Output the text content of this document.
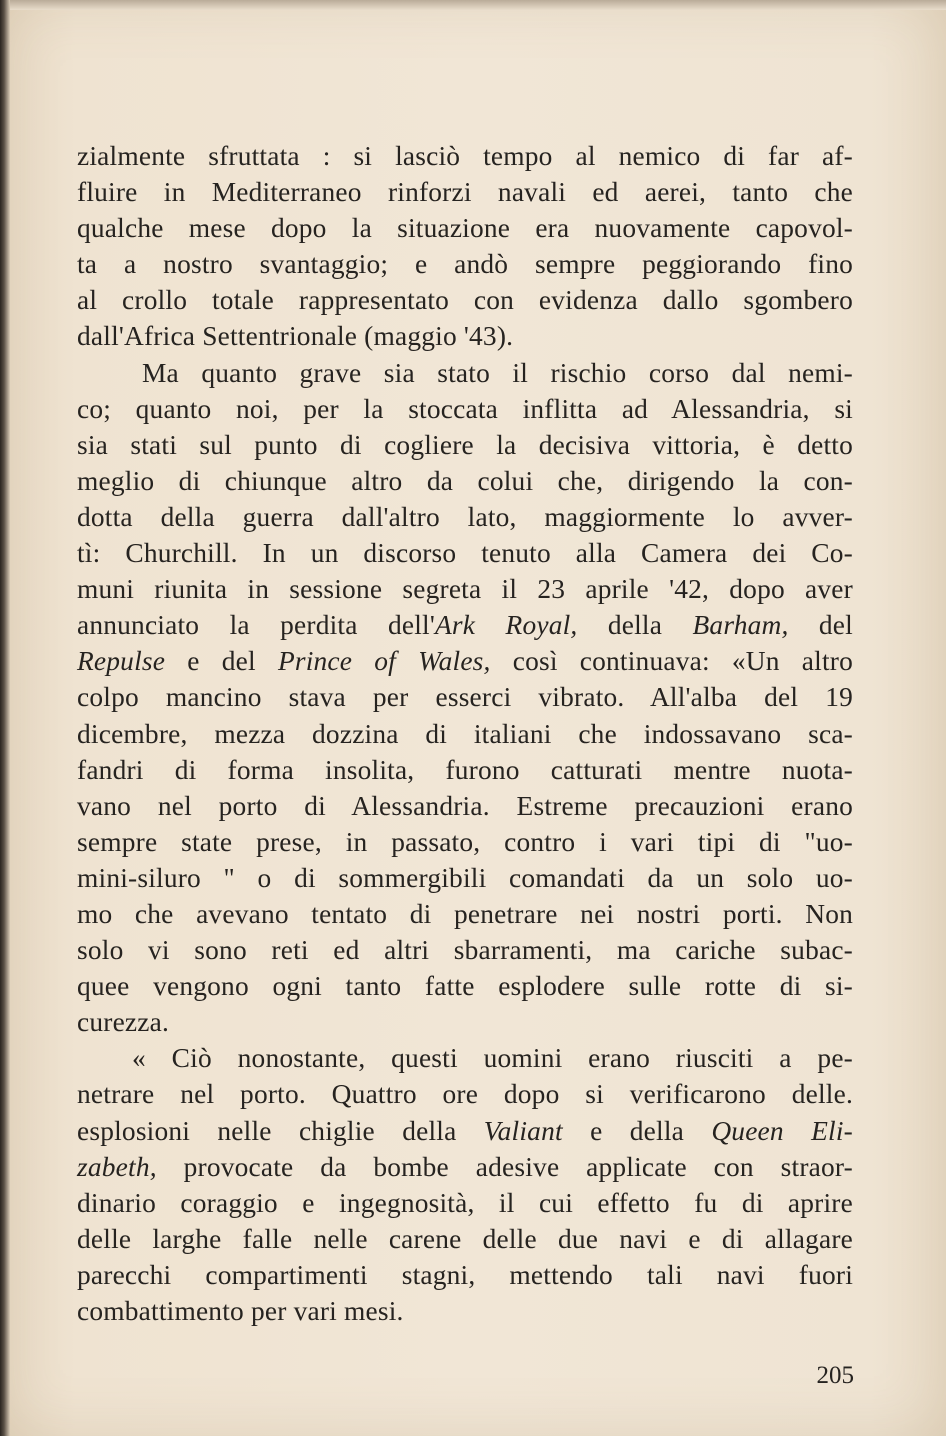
zialmente sfruttata : si lasciò tempo al nemico di far af-
fluire in Mediterraneo rinforzi navali ed aerei, tanto che
qualche mese dopo la situazione era nuovamente capovol-
ta a nostro svantaggio; e andò sempre peggiorando fino
al crollo totale rappresentato con evidenza dallo sgombero
dall'Africa Settentrionale (maggio '43).
Ma quanto grave sia stato il rischio corso dal nemi-
co; quanto noi, per la stoccata inflitta ad Alessandria, si
sia stati sul punto di cogliere la decisiva vittoria, è detto
meglio di chiunque altro da colui che, dirigendo la con-
dotta della guerra dall'altro lato, maggiormente lo avver-
tì: Churchill. In un discorso tenuto alla Camera dei Co-
muni riunita in sessione segreta il 23 aprile '42, dopo aver
annunciato la perdita dell'Ark Royal, della Barham, del
Repulse e del Prince of Wales, così continuava: «Un altro
colpo mancino stava per esserci vibrato. All'alba del 19
dicembre, mezza dozzina di italiani che indossavano sca-
fandri di forma insolita, furono catturati mentre nuota-
vano nel porto di Alessandria. Estreme precauzioni erano
sempre state prese, in passato, contro i vari tipi di "uo-
mini-siluro " o di sommergibili comandati da un solo uo-
mo che avevano tentato di penetrare nei nostri porti. Non
solo vi sono reti ed altri sbarramenti, ma cariche subac-
quee vengono ogni tanto fatte esplodere sulle rotte di si-
curezza.
« Ciò nonostante, questi uomini erano riusciti a pe-
netrare nel porto. Quattro ore dopo si verificarono delle.
esplosioni nelle chiglie della Valiant e della Queen Eli-
zabeth, provocate da bombe adesive applicate con straor-
dinario coraggio e ingegnosità, il cui effetto fu di aprire
delle larghe falle nelle carene delle due navi e di allagare
parecchi compartimenti stagni, mettendo tali navi fuori
combattimento per vari mesi.
205
